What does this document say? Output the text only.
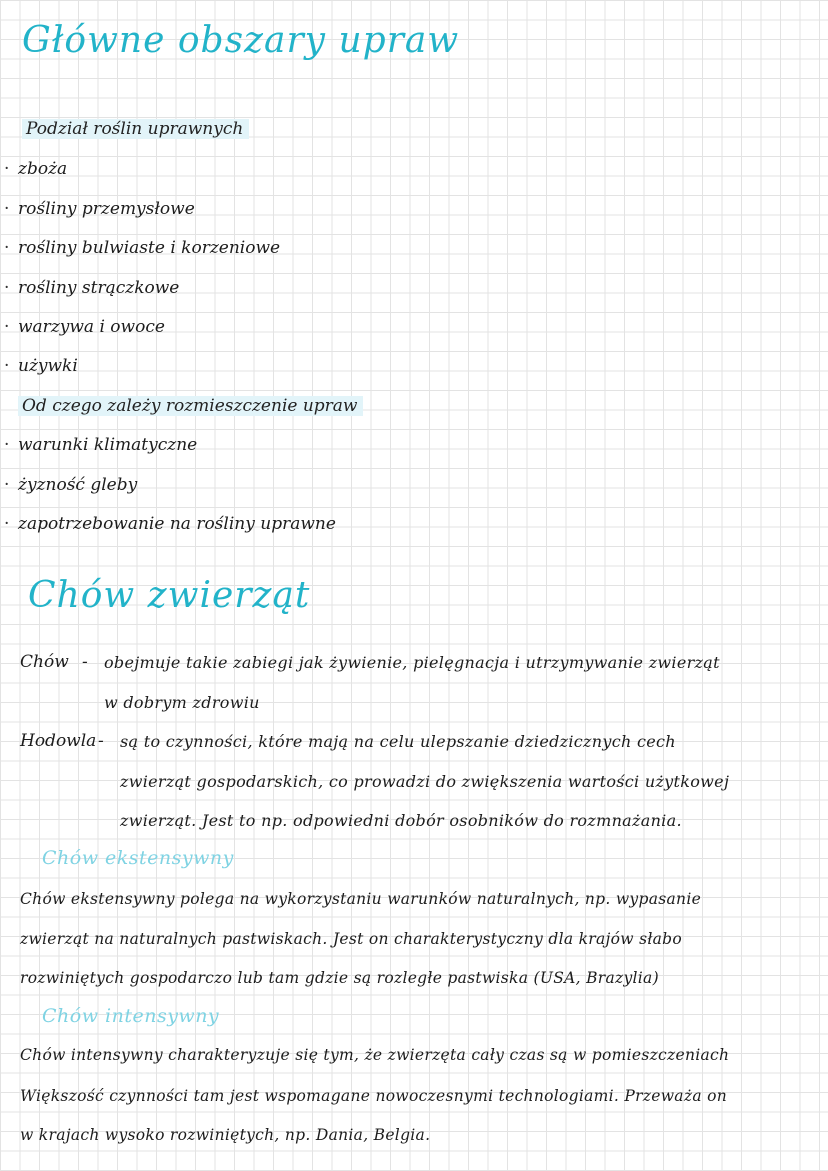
Główne obszary upraw
Podział roślin uprawnych
· zboża
· rośliny przemysłowe
· rośliny bulwiaste i korzeniowe
· rośliny strączkowe
· warzywa i owoce
· używki
Od czego zależy rozmieszczenie upraw
· warunki klimatyczne
· żyzność gleby
· zapotrzebowanie na rośliny uprawne
Chów zwierząt
Chów - obejmuje takie zabiegi jak żywienie, pielęgnacja i utrzymywanie zwierząt
w dobrym zdrowiu
Hodowla - są to czynności, które mają na celu ulepszanie dziedzicznych cech
zwierząt gospodarskich, co prowadzi do zwiększenia wartości użytkowej
zwierząt. Jest to np. odpowiedni dobór osobników do rozmnażania.
Chów ekstensywny
Chów ekstensywny polega na wykorzystaniu warunków naturalnych, np. wypasanie
zwierząt na naturalnych pastwiskach. Jest on charakterystyczny dla krajów słabo
rozwiniętych gospodarczo lub tam gdzie są rozległe pastwiska (USA, Brazylia)
Chów intensywny
Chów intensywny charakteryzuje się tym, że zwierzęta cały czas są w pomieszczeniach
Większość czynności tam jest wspomagane nowoczesnymi technologiami. Przeważa on
w krajach wysoko rozwiniętych, np. Dania, Belgia.
